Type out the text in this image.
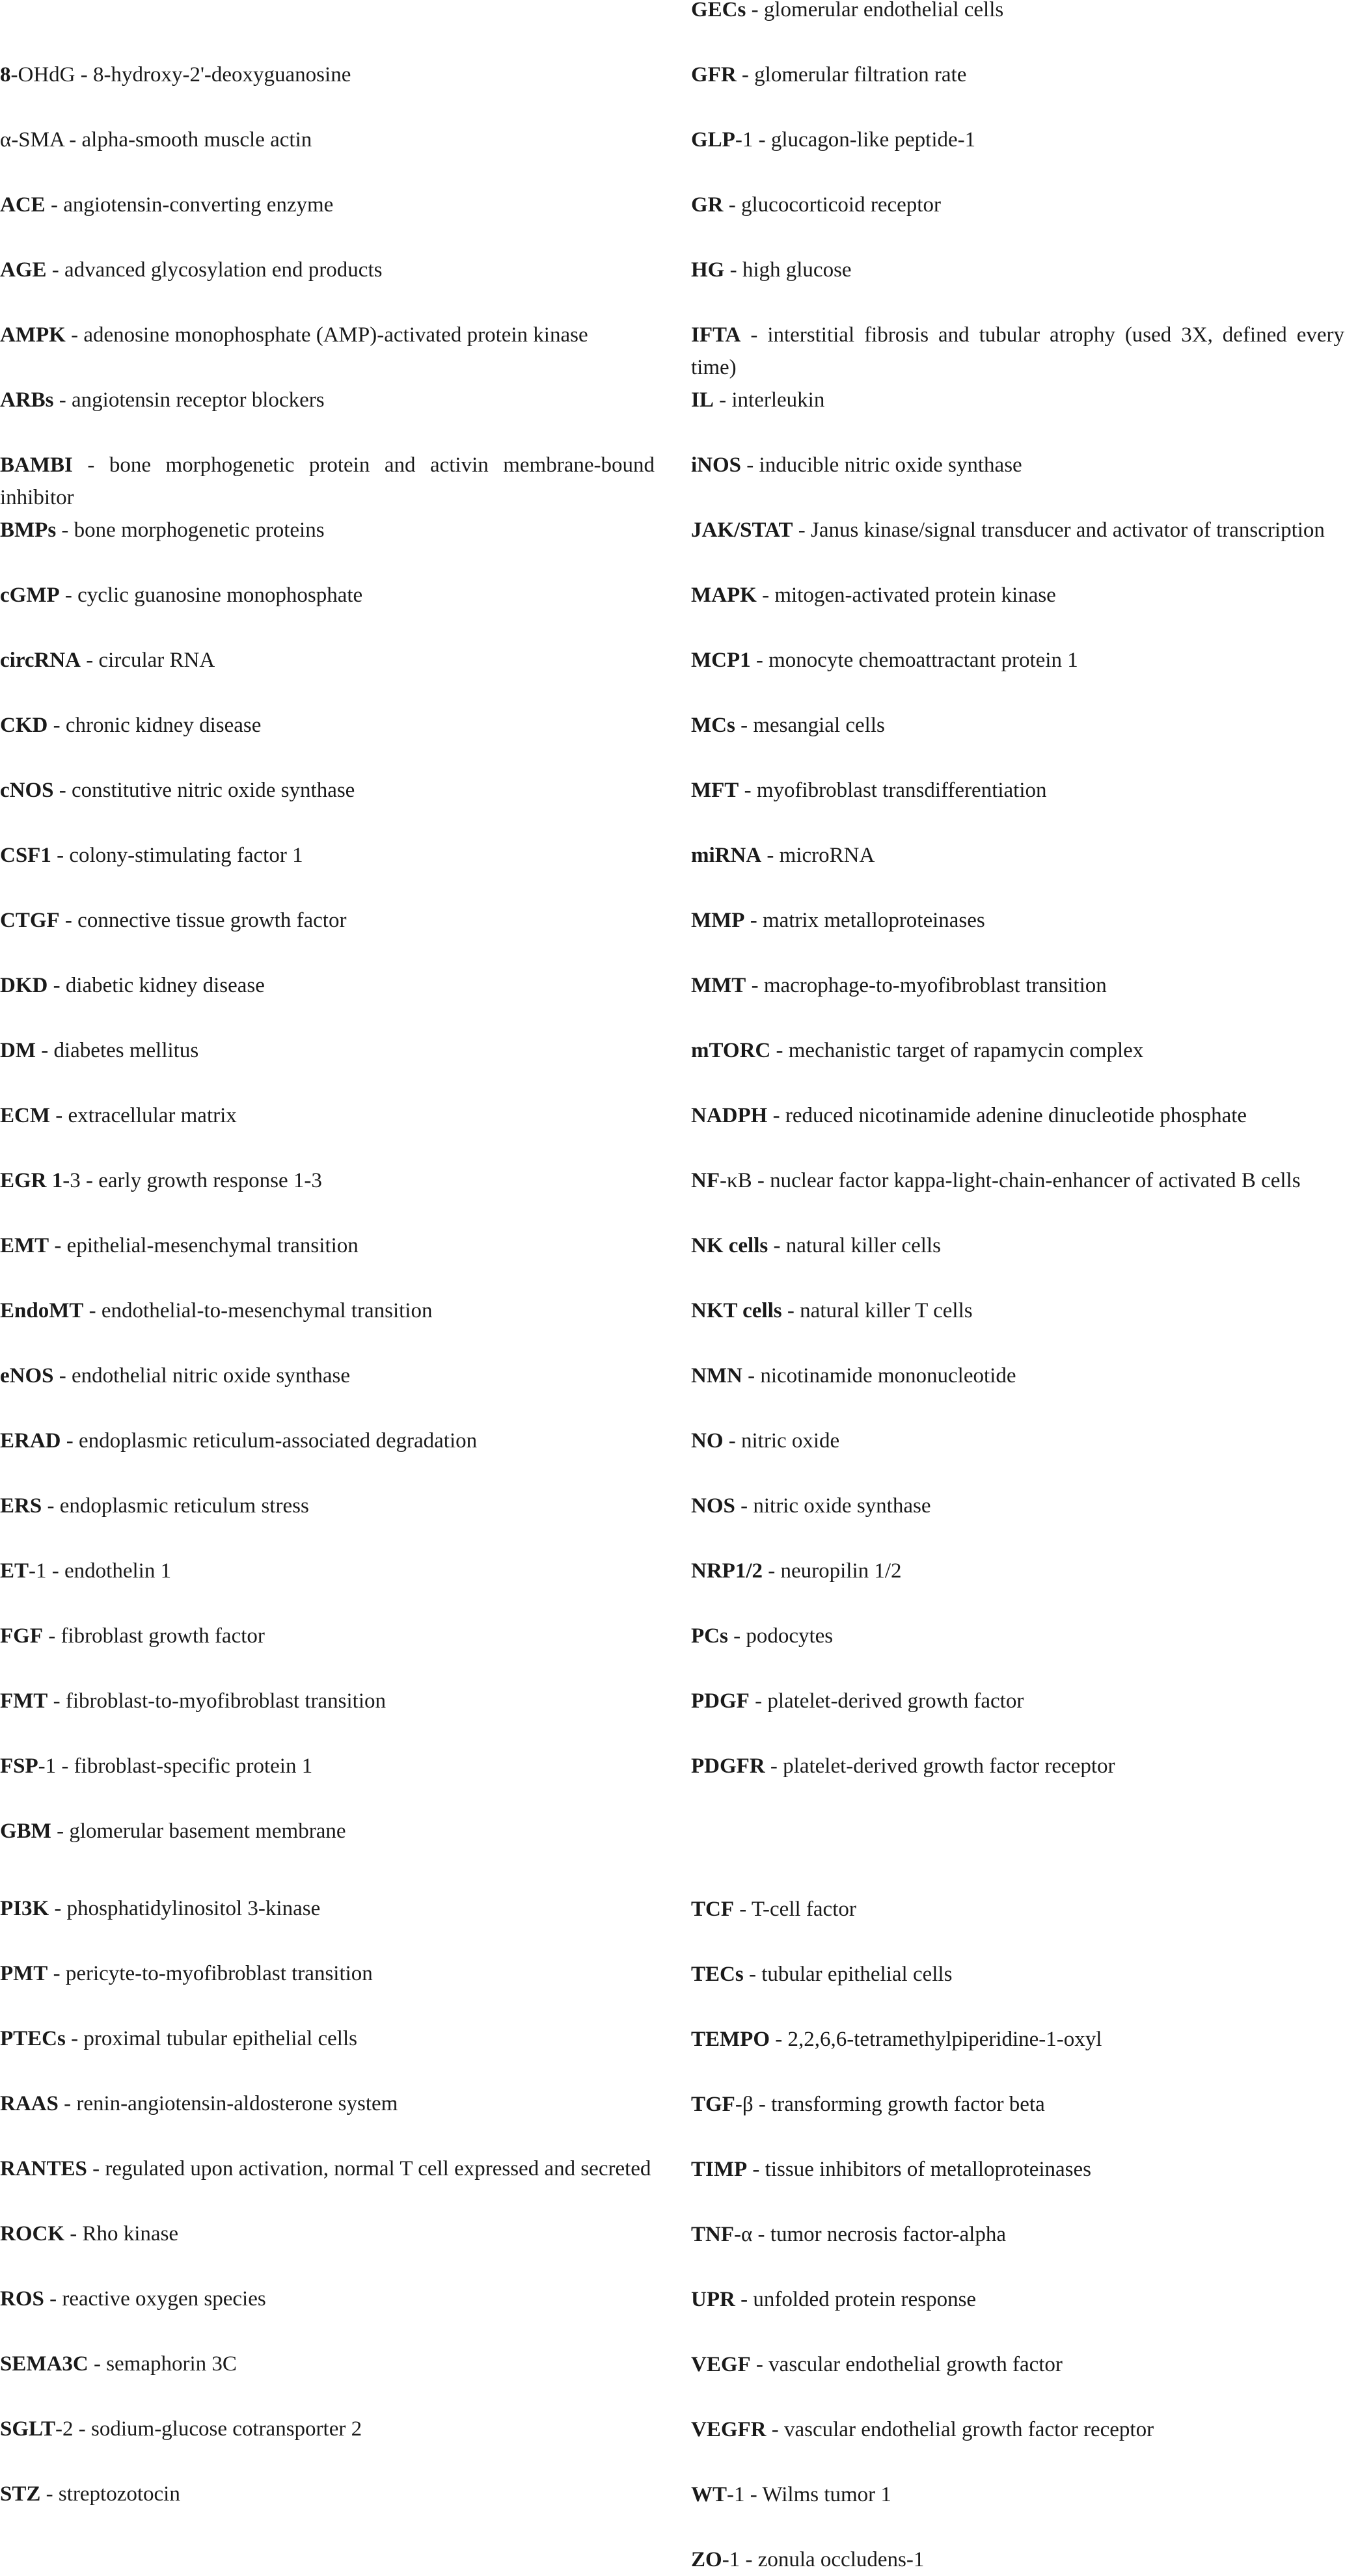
8-OHdG - 8-hydroxy-2'-deoxyguanosine

α-SMA - alpha-smooth muscle actin

ACE - angiotensin-converting enzyme

AGE - advanced glycosylation end products

AMPK - adenosine monophosphate (AMP)-activated protein kinase

ARBs - angiotensin receptor blockers

BAMBI - bone morphogenetic protein and activin membrane-bound inhibitor

BMPs - bone morphogenetic proteins

cGMP - cyclic guanosine monophosphate

circRNA - circular RNA

CKD - chronic kidney disease

cNOS - constitutive nitric oxide synthase

CSF1 - colony-stimulating factor 1

CTGF - connective tissue growth factor

DKD - diabetic kidney disease

DM - diabetes mellitus

ECM - extracellular matrix

EGR 1-3 - early growth response 1-3

EMT - epithelial-mesenchymal transition

EndoMT - endothelial-to-mesenchymal transition

eNOS - endothelial nitric oxide synthase

ERAD - endoplasmic reticulum-associated degradation

ERS - endoplasmic reticulum stress

ET-1 - endothelin 1

FGF - fibroblast growth factor

FMT - fibroblast-to-myofibroblast transition

FSP-1 - fibroblast-specific protein 1

GBM - glomerular basement membrane

GECs - glomerular endothelial cells

GFR - glomerular filtration rate

GLP-1 - glucagon-like peptide-1

GR - glucocorticoid receptor

HG - high glucose

IFTA - interstitial fibrosis and tubular atrophy (used 3X, defined every time)

IL - interleukin

iNOS - inducible nitric oxide synthase

JAK/STAT - Janus kinase/signal transducer and activator of transcription

MAPK - mitogen-activated protein kinase

MCP1 - monocyte chemoattractant protein 1

MCs - mesangial cells

MFT - myofibroblast transdifferentiation

miRNA - microRNA

MMP - matrix metalloproteinases

MMT - macrophage-to-myofibroblast transition

mTORC - mechanistic target of rapamycin complex

NADPH - reduced nicotinamide adenine dinucleotide phosphate

NF-κB - nuclear factor kappa-light-chain-enhancer of activated B cells

NK cells - natural killer cells

NKT cells - natural killer T cells

NMN - nicotinamide mononucleotide

NO - nitric oxide

NOS - nitric oxide synthase

NRP1/2 - neuropilin 1/2

PCs - podocytes

PDGF - platelet-derived growth factor

PDGFR - platelet-derived growth factor receptor

PI3K - phosphatidylinositol 3-kinase

PMT - pericyte-to-myofibroblast transition

PTECs - proximal tubular epithelial cells

RAAS - renin-angiotensin-aldosterone system

RANTES - regulated upon activation, normal T cell expressed and secreted

ROCK - Rho kinase

ROS - reactive oxygen species

SEMA3C - semaphorin 3C

SGLT-2 - sodium-glucose cotransporter 2

STZ - streptozotocin

TCF - T-cell factor

TECs - tubular epithelial cells

TEMPO - 2,2,6,6-tetramethylpiperidine-1-oxyl

TGF-β - transforming growth factor beta

TIMP - tissue inhibitors of metalloproteinases

TNF-α - tumor necrosis factor-alpha

UPR - unfolded protein response

VEGF - vascular endothelial growth factor

VEGFR - vascular endothelial growth factor receptor

WT-1 - Wilms tumor 1

ZO-1 - zonula occludens-1
